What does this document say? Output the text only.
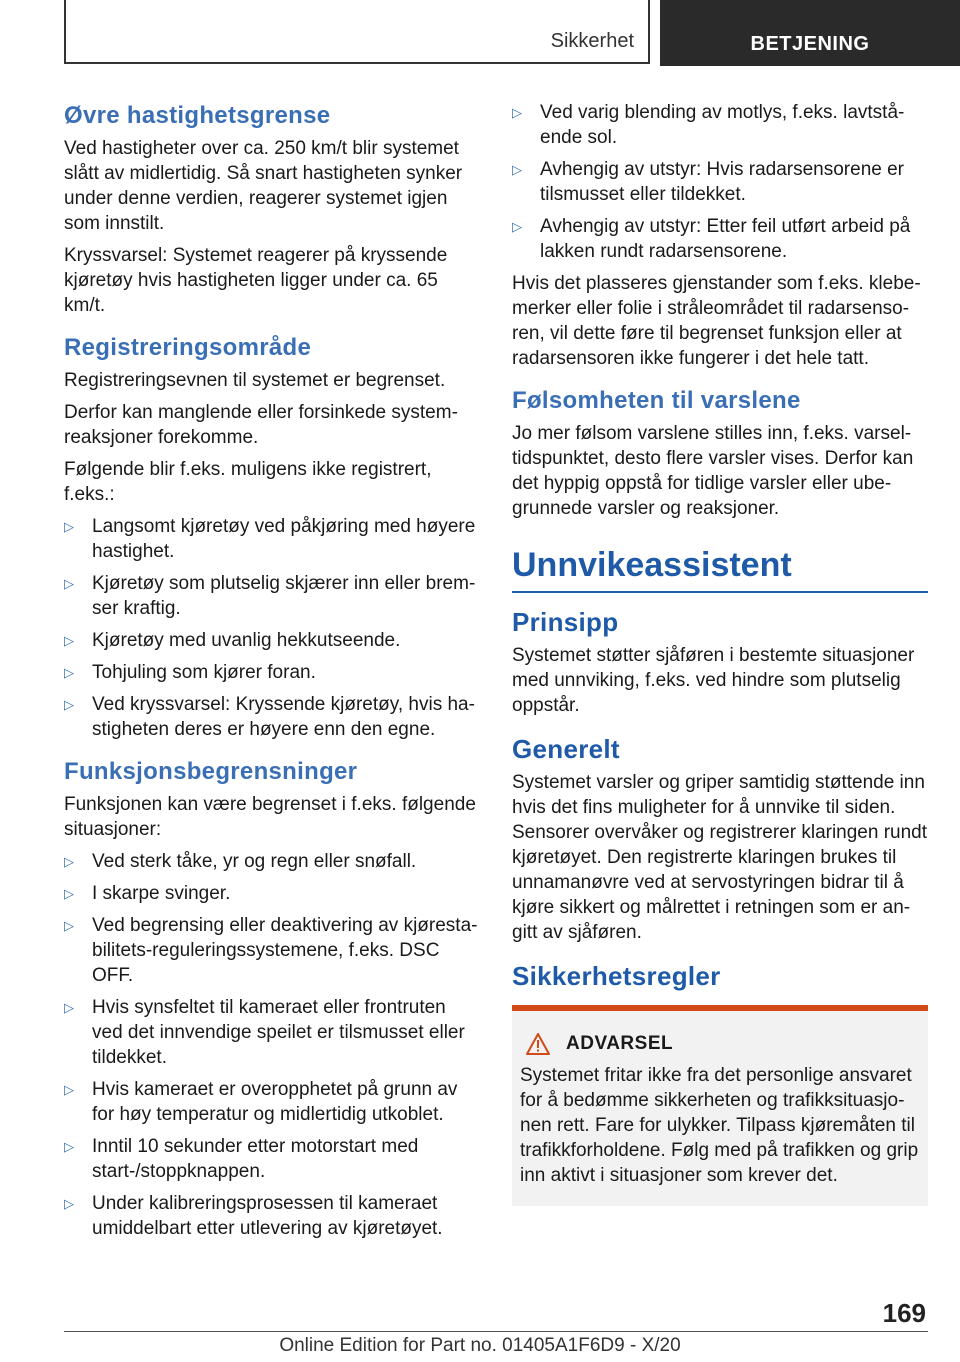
Sikkerhet	BETJENING
Øvre hastighetsgrense

Ved hastigheter over ca. 250 km/t blir systemet slått av midlertidig. Så snart hastigheten synker under denne verdien, reagerer systemet igjen som innstilt.

Kryssvarsel: Systemet reagerer på kryssende kjøretøy hvis hastigheten ligger under ca. 65 km/t.

Registreringsområde

Registreringsevnen til systemet er begrenset.

Derfor kan manglende eller forsinkede systemreaksjoner forekomme.

Følgende blir f.eks. muligens ikke registrert, f.eks.:

▷ Langsomt kjøretøy ved påkjøring med høyere hastighet.
▷ Kjøretøy som plutselig skjærer inn eller bremser kraftig.
▷ Kjøretøy med uvanlig hekkutseende.
▷ Tohjuling som kjører foran.
▷ Ved kryssvarsel: Kryssende kjøretøy, hvis hastigheten deres er høyere enn den egne.
Funksjonsbegrensninger

Funksjonen kan være begrenset i f.eks. følgende situasjoner:

▷ Ved sterk tåke, yr og regn eller snøfall.
▷ I skarpe svinger.
▷ Ved begrensing eller deaktivering av kjørestabilitets-reguleringssystemene, f.eks. DSC OFF.
▷ Hvis synsfeltet til kameraet eller frontruten ved det innvendige speilet er tilsmusset eller tildekket.
▷ Hvis kameraet er overopphetet på grunn av for høy temperatur og midlertidig utkoblet.
▷ Inntil 10 sekunder etter motorstart med start-/stoppknappen.
▷ Under kalibreringsprosessen til kameraet umiddelbart etter utlevering av kjøretøyet.
▷ Ved varig blending av motlys, f.eks. lavtstående sol.
▷ Avhengig av utstyr: Hvis radarsensorene er tilsmusset eller tildekket.
▷ Avhengig av utstyr: Etter feil utført arbeid på lakken rundt radarsensorene.

Hvis det plasseres gjenstander som f.eks. klebemerker eller folie i stråleområdet til radarsensoren, vil dette føre til begrenset funksjon eller at radarsensoren ikke fungerer i det hele tatt.

Følsomheten til varslene

Jo mer følsom varslene stilles inn, f.eks. varseltidspunktet, desto flere varsler vises. Derfor kan det hyppig oppstå for tidlige varsler eller ubegrunnede varsler og reaksjoner.

Unnvikeassistent
Prinsipp

Systemet støtter sjåføren i bestemte situasjoner med unnviking, f.eks. ved hindre som plutselig oppstår.

Generelt

Systemet varsler og griper samtidig støttende inn hvis det fins muligheter for å unnvike til siden. Sensorer overvåker og registrerer klaringen rundt kjøretøyet. Den registrerte klaringen brukes til unnamanøvre ved at servostyringen bidrar til å kjøre sikkert og målrettet i retningen som er angitt av sjåføren.

Sikkerhetsregler
ADVARSEL

Systemet fritar ikke fra det personlige ansvaret for å bedømme sikkerheten og trafikksituasjonen rett. Fare for ulykker. Tilpass kjøremåten til trafikkforholdene. Følg med på trafikken og grip inn aktivt i situasjoner som krever det.

169
Online Edition for Part no. 01405A1F6D9 - X/20
